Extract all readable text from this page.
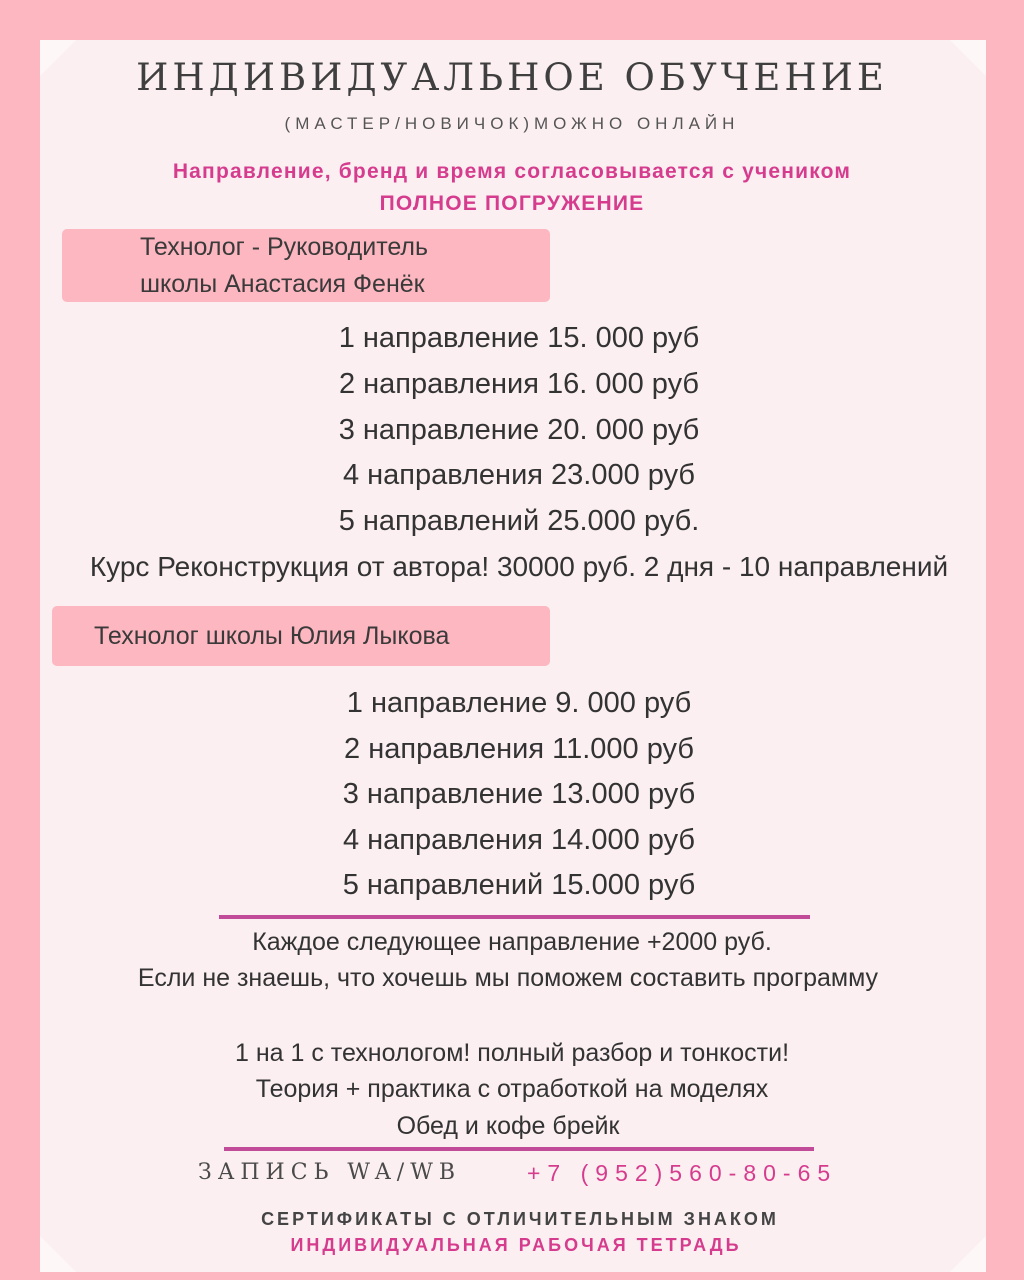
ИНДИВИДУАЛЬНОЕ ОБУЧЕНИЕ
(МАСТЕР/НОВИЧОК)МОЖНО ОНЛАЙН
Направление, бренд и время согласовывается с учеником
ПОЛНОЕ ПОГРУЖЕНИЕ
Технолог - Руководитель
школы Анастасия Фенёк
1 направление 15. 000 руб
2 направления 16. 000 руб
3 направление 20. 000 руб
4 направления 23.000 руб
5 направлений 25.000 руб.
Курс Реконструкция от автора! 30000 руб. 2 дня - 10 направлений
Технолог школы Юлия Лыкова
1 направление 9. 000 руб
2 направления 11.000 руб
3 направление 13.000 руб
4 направления 14.000 руб
5 направлений 15.000 руб
Каждое следующее направление +2000 руб.
Если не знаешь, что хочешь мы поможем составить программу
1 на 1 с технологом! полный разбор и тонкости!
Теория + практика с отработкой на моделях
Обед и кофе брейк
ЗАПИСЬ WA/WB	+7 (952)560-80-65
СЕРТИФИКАТЫ С ОТЛИЧИТЕЛЬНЫМ ЗНАКОМ
ИНДИВИДУАЛЬНАЯ РАБОЧАЯ ТЕТРАДЬ
